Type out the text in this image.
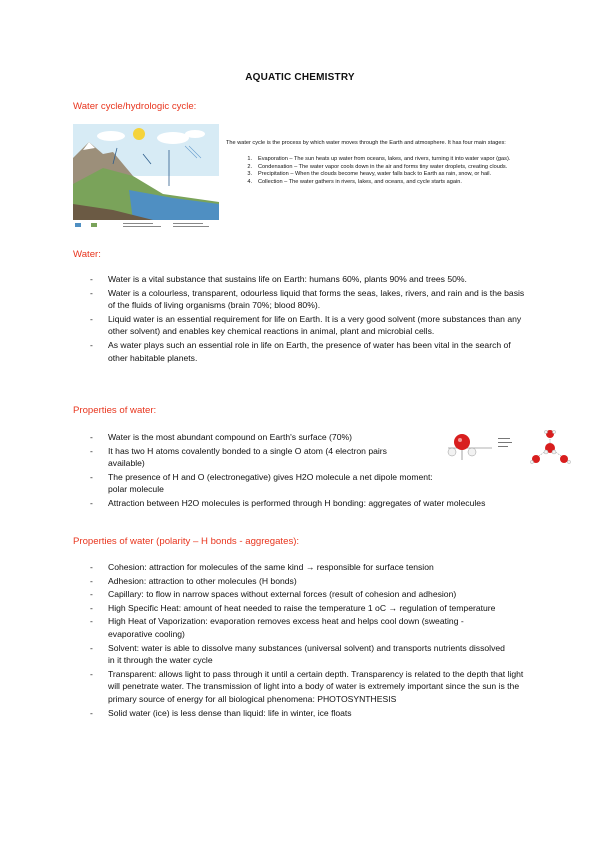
AQUATIC CHEMISTRY
Water cycle/hydrologic cycle:
The water cycle is the process by which water moves through the Earth and atmosphere. It has four main stages:
1. Evaporation – The sun heats up water from oceans, lakes, and rivers, turning it into water vapor (gas).
2. Condensation – The water vapor cools down in the air and forms tiny water droplets, creating clouds.
3. Precipitation – When the clouds become heavy, water falls back to Earth as rain, snow, or hail.
4. Collection – The water gathers in rivers, lakes, and oceans, and cycle starts again.
Water:
- Water is a vital substance that sustains life on Earth: humans 60%, plants 90% and trees 50%.
- Water is a colourless, transparent, odourless liquid that forms the seas, lakes, rivers, and rain and is the basis of the fluids of living organisms (brain 70%; blood 80%).
- Liquid water is an essential requirement for life on Earth. It is a very good solvent (more substances than any other solvent) and enables key chemical reactions in animal, plant and microbial cells.
- As water plays such an essential role in life on Earth, the presence of water has been vital in the search of other habitable planets.
Properties of water:
- Water is the most abundant compound on Earth's surface (70%)
- It has two H atoms covalently bonded to a single O atom (4 electron pairs available)
- The presence of H and O (electronegative) gives H2O molecule a net dipole moment: polar molecule
- Attraction between H2O molecules is performed through H bonding: aggregates of water molecules
Properties of water (polarity – H bonds - aggregates):
- Cohesion: attraction for molecules of the same kind → responsible for surface tension
- Adhesion: attraction to other molecules (H bonds)
- Capillary: to flow in narrow spaces without external forces (result of cohesion and adhesion)
- High Specific Heat: amount of heat needed to raise the temperature 1 oC → regulation of temperature
- High Heat of Vaporization: evaporation removes excess heat and helps cool down (sweating - evaporative cooling)
- Solvent: water is able to dissolve many substances (universal solvent) and transports nutrients dissolved in it through the water cycle
- Transparent: allows light to pass through it until a certain depth. Transparency is related to the depth that light will penetrate water. The transmission of light into a body of water is extremely important since the sun is the primary source of energy for all biological phenomena: PHOTOSYNTHESIS
- Solid water (ice) is less dense than liquid: life in winter, ice floats
